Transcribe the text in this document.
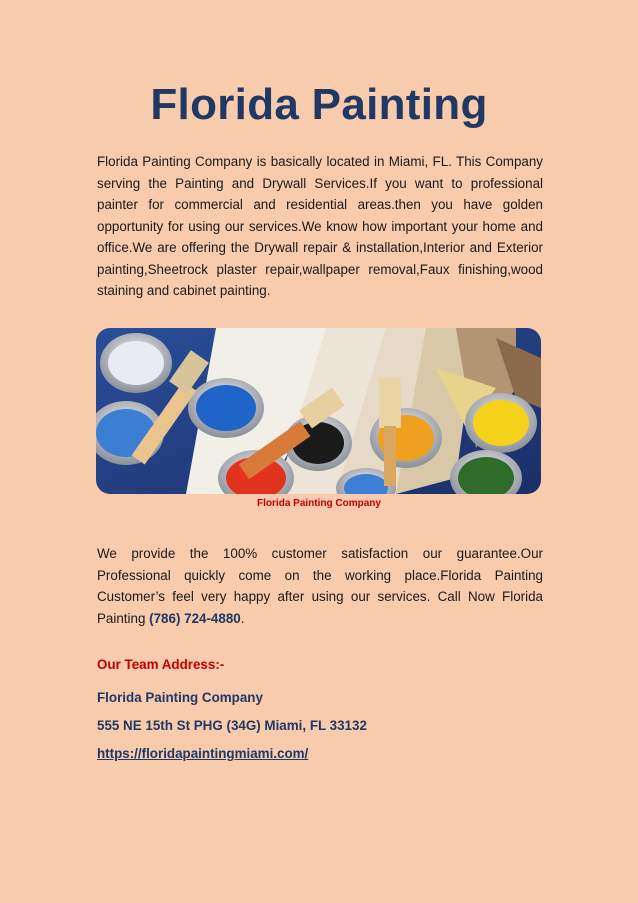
Florida Painting

Florida Painting Company is basically located in Miami, FL. This Company serving the Painting and Drywall Services.If you want to professional painter for commercial and residential areas.then you have golden opportunity for using our services.We know how important your home and office.We are offering the Drywall repair & installation,Interior and Exterior painting,Sheetrock plaster repair,wallpaper removal,Faux finishing,wood staining and cabinet painting.

Florida Painting Company

We provide the 100% customer satisfaction our guarantee.Our Professional quickly come on the working place.Florida Painting Customer’s feel very happy after using our services. Call Now Florida Painting (786) 724-4880.

Our Team Address:-
Florida Painting Company
555 NE 15th St PHG (34G) Miami, FL 33132
https://floridapaintingmiami.com/
